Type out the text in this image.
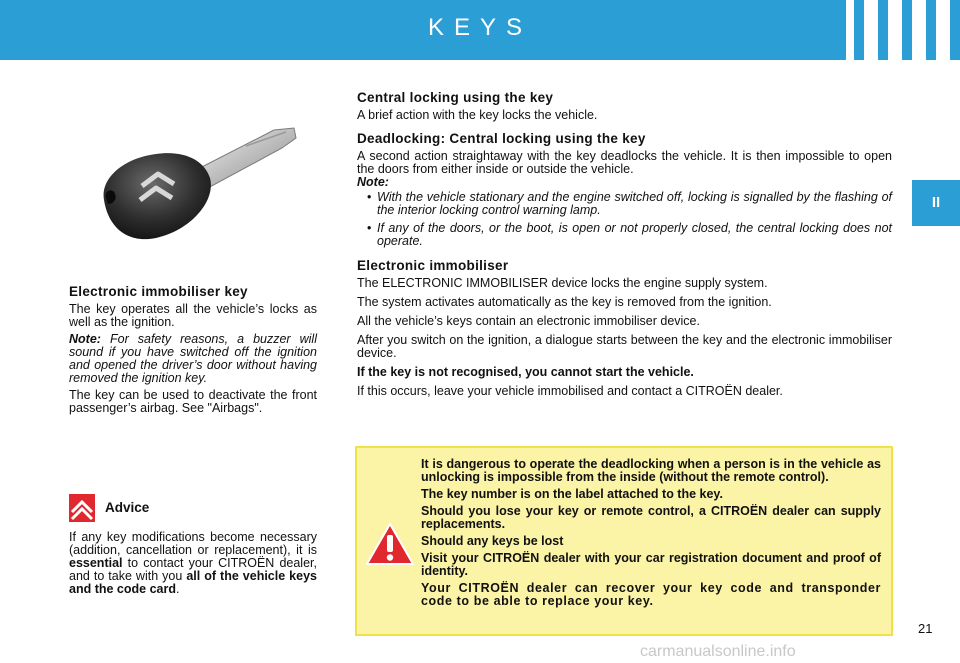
KEYS
II
Electronic immobiliser key

The key operates all the vehicle’s locks as well as the ignition.

Note: For safety reasons, a buzzer will sound if you have switched off the ignition and opened the driver’s door without having removed the ignition key.

The key can be used to deactivate the front passenger’s airbag. See "Airbags".

Advice

If any key modifications become necessary (addition, cancellation or replacement), it is essential to contact your CITROËN dealer, and to take with you all of the vehicle keys and the code card.

Central locking using the key

A brief action with the key locks the vehicle.

Deadlocking: Central locking using the key

A second action straightaway with the key deadlocks the vehicle. It is then impossible to open the doors from either inside or outside the vehicle.

Note:

• With the vehicle stationary and the engine switched off, locking is signalled by the flashing of the interior locking control warning lamp.
• If any of the doors, or the boot, is open or not properly closed, the central locking does not operate.
Electronic immobiliser

The ELECTRONIC IMMOBILISER device locks the engine supply system.

The system activates automatically as the key is removed from the ignition.

All the vehicle’s keys contain an electronic immobiliser device.

After you switch on the ignition, a dialogue starts between the key and the electronic immobiliser device.

If the key is not recognised, you cannot start the vehicle.

If this occurs, leave your vehicle immobilised and contact a CITROËN dealer.

It is dangerous to operate the deadlocking when a person is in the vehicle as unlocking is impossible from the inside (without the remote control).

The key number is on the label attached to the key.

Should you lose your key or remote control, a CITROËN dealer can supply replacements.

Should any keys be lost

Visit your CITROËN dealer with your car registration document and proof of identity.

Your CITROËN dealer can recover your key code and transponder code to be able to replace your key.

21
carmanualsonline.info
